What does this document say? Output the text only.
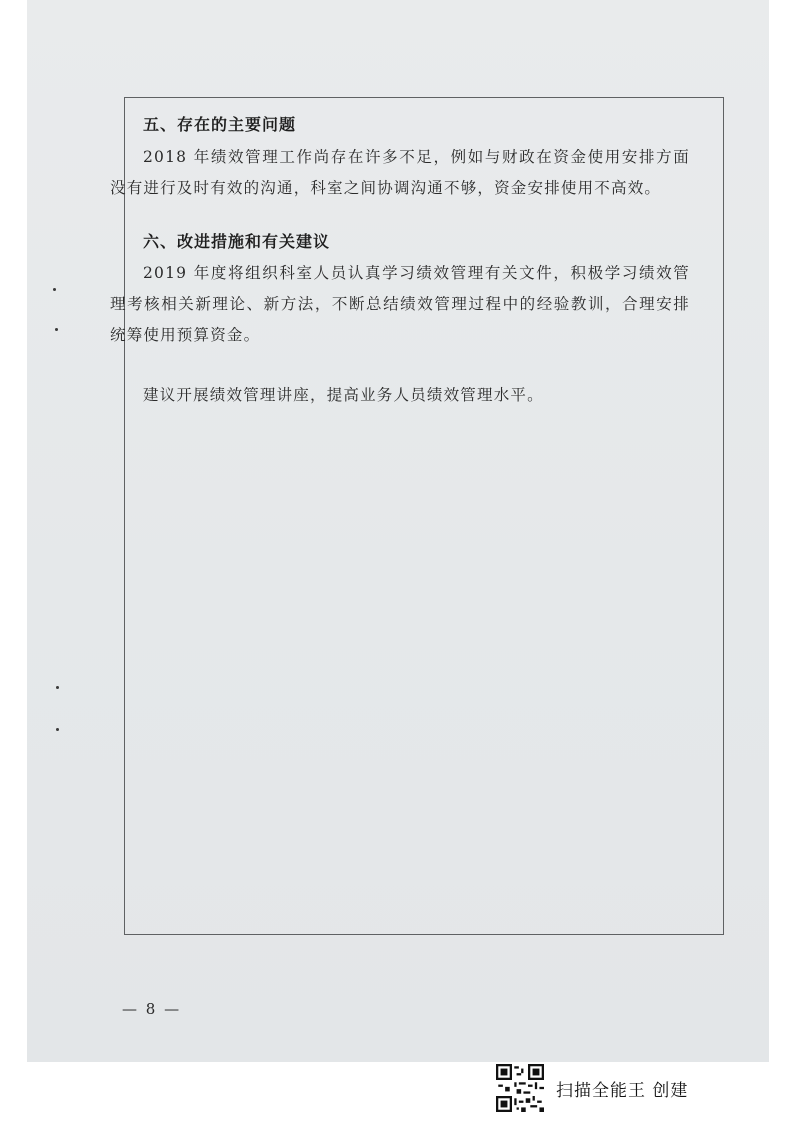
五、存在的主要问题

2018 年绩效管理工作尚存在许多不足，例如与财政在资金使用安排方面没有进行及时有效的沟通，科室之间协调沟通不够，资金安排使用不高效。

六、改进措施和有关建议

2019 年度将组织科室人员认真学习绩效管理有关文件，积极学习绩效管理考核相关新理论、新方法，不断总结绩效管理过程中的经验教训，合理安排统筹使用预算资金。

建议开展绩效管理讲座，提高业务人员绩效管理水平。

— 8 —
扫描全能王 创建
